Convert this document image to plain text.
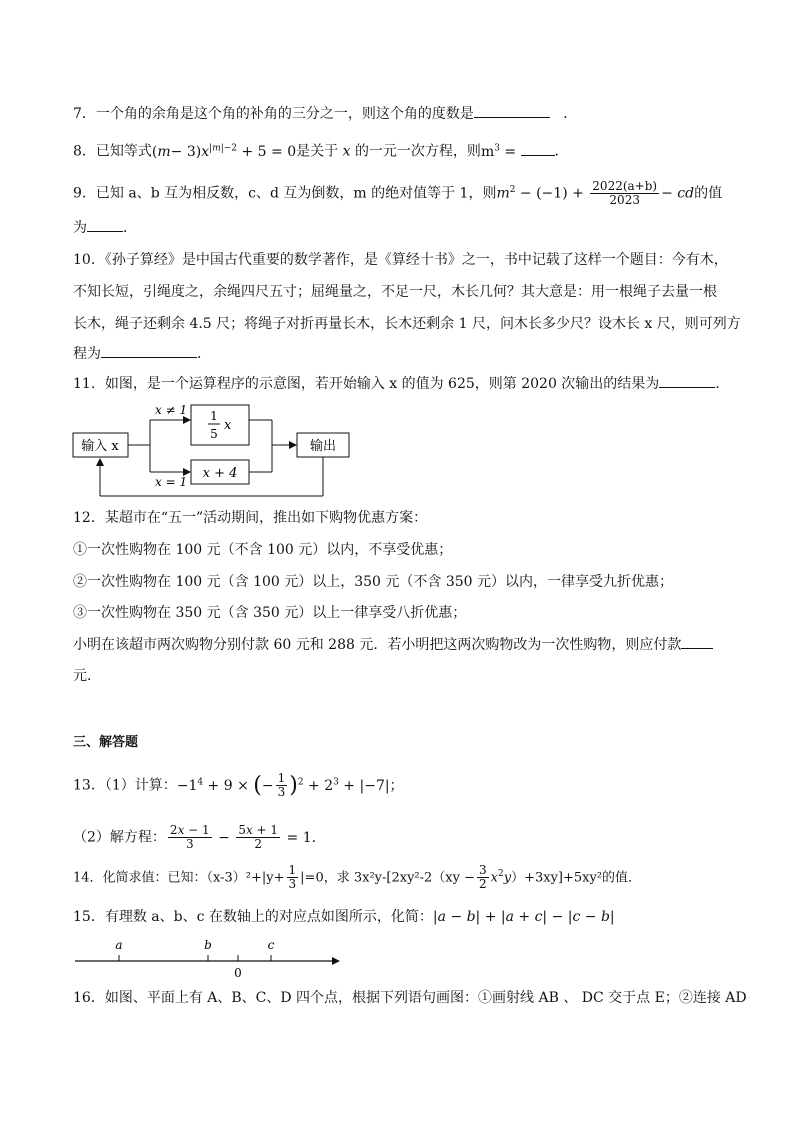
7．一个角的余角是这个角的补角的三分之一，则这个角的度数是	．
8．已知等式$(m- 3)x^{|m|-2} + 5 = 0$是关于 x 的一元一次方程，则$m^3$ = ．
9．已知 a、b 互为相反数，c、d 互为倒数，m 的绝对值等于 1，则$m^2 - (-1) + \frac{2022(a+b)}{2023}$ − cd的值
为	．
10．《孙子算经》是中国古代重要的数学著作，是《算经十书》之一，书中记载了这样一个题目：今有木，
不知长短，引绳度之，余绳四尺五寸；屈绳量之，不足一尺，木长几何？其大意是：用一根绳子去量一根
长木，绳子还剩余 4.5 尺；将绳子对折再量长木，长木还剩余 1 尺，问木长多少尺？设木长 x 尺，则可列方
程为	．
11．如图，是一个运算程序的示意图，若开始输入 x 的值为 625，则第 2020 次输出的结果为	．
输入 x
x ≠ 1
x = 1
1
5
x
x + 4
输出
12．某超市在“五一”活动期间，推出如下购物优惠方案：
①一次性购物在 100 元（不含 100 元）以内，不享受优惠；
②一次性购物在 100 元（含 100 元）以上，350 元（不含 350 元）以内，一律享受九折优惠；
③一次性购物在 350 元（含 350 元）以上一律享受八折优惠；
小明在该超市两次购物分别付款 60 元和 288 元．若小明把这两次购物改为一次性购物，则应付款
元．
三、解答题
13．（1）计算：$-1^4 + 9$ × (− $\frac{1}{3} )^2 + 2^3 + |-7|$；
（2）解方程： $\frac{2x - 1}{3} - \frac{5x + 1}{2} = 1$．
14．化简求值：已知：$(x-3)^2+|y+ \frac{1}{3} |=0$，求 $3x^2y-[2xy^2-2(xy - \frac{3}{2} x^2y)+3xy]+5xy^2$的值．
15．有理数 a、b、c 在数轴上的对应点如图所示，化简：|a − b| + |a + c| − |c − b|
a	b	c
0
16．如图、平面上有 A、B、C、D 四个点，根据下列语句画图：①画射线 AB 、 DC 交于点 E；②连接 AD
